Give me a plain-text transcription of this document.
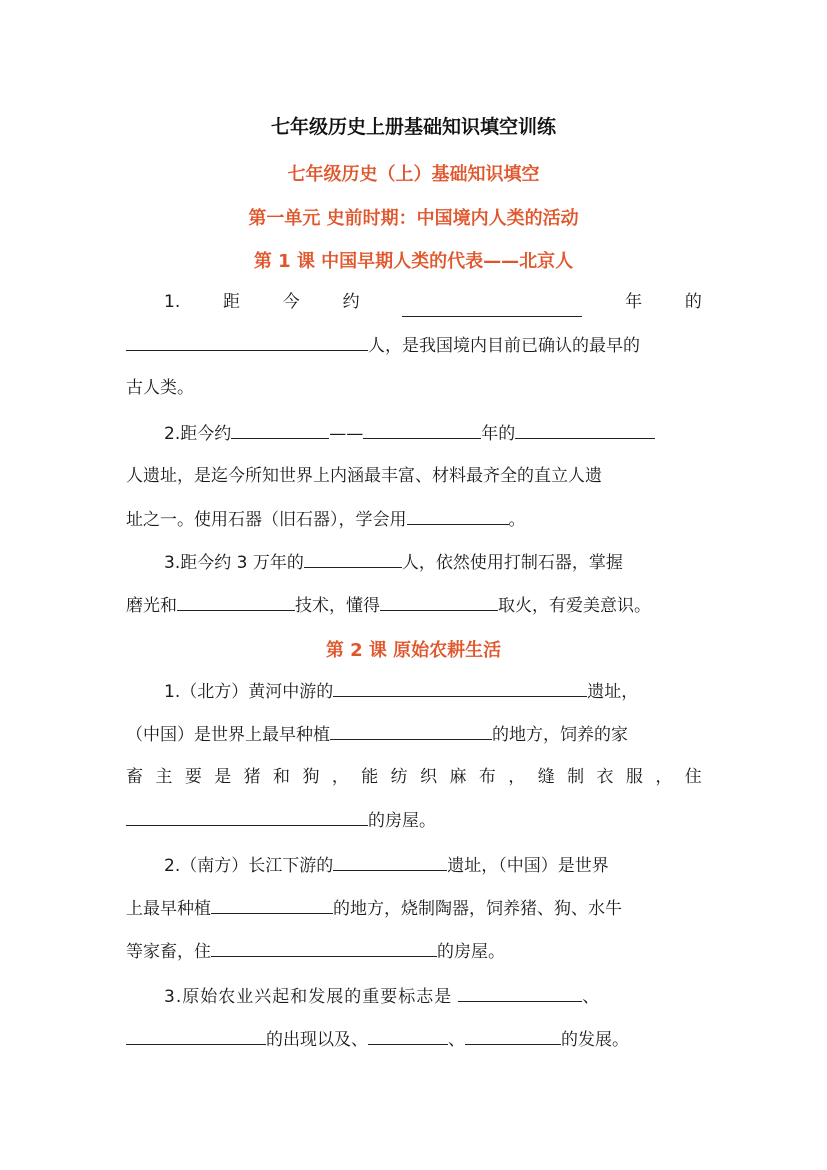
七年级历史上册基础知识填空训练
七年级历史（上）基础知识填空
第一单元 史前时期：中国境内人类的活动
第 1 课 中国早期人类的代表——北京人
1.	距	今	约	年	的
人，是我国境内目前已确认的最早的
古人类。
2.距今约	——	年的
人遗址，是迄今所知世界上内涵最丰富、材料最齐全的直立人遗
址之一。使用石器（旧石器），学会用	。
3.距今约 3 万年的	人，依然使用打制石器，掌握
磨光和	技术，懂得	取火，有爱美意识。
第 2 课 原始农耕生活
1.（北方）黄河中游的	遗址，
（中国）是世界上最早种植	的地方，饲养的家
畜 主 要 是 猪 和 狗 ， 能 纺 织 麻 布 ， 缝 制 衣 服 ， 住
的房屋。
2.（南方）长江下游的	遗址，（中国）是世界
上最早种植	的地方，烧制陶器，饲养猪、狗、水牛
等家畜，住	的房屋。
3.原始农业兴起和发展的重要标志是	、
的出现以及、	、	的发展。
